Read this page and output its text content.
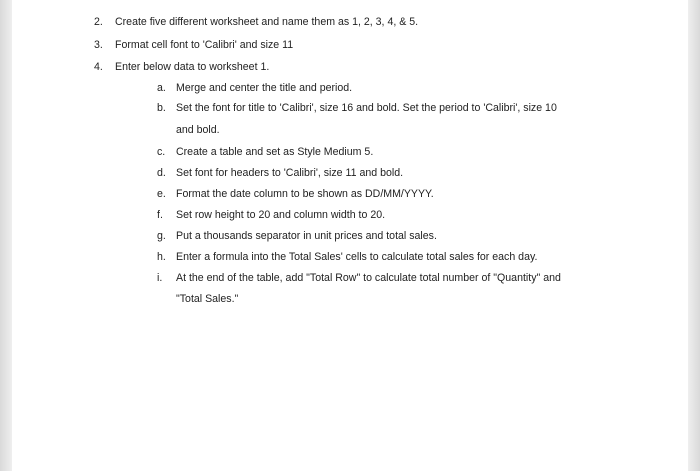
2. Create five different worksheet and name them as 1, 2, 3, 4, & 5.
3. Format cell font to 'Calibri' and size 11
4. Enter below data to worksheet 1.
a. Merge and center the title and period.
b. Set the font for title to 'Calibri', size 16 and bold. Set the period to 'Calibri', size 10
and bold.
c. Create a table and set as Style Medium 5.
d. Set font for headers to 'Calibri', size 11 and bold.
e. Format the date column to be shown as DD/MM/YYYY.
f. Set row height to 20 and column width to 20.
g. Put a thousands separator in unit prices and total sales.
h. Enter a formula into the Total Sales' cells to calculate total sales for each day.
i. At the end of the table, add "Total Row" to calculate total number of "Quantity" and
"Total Sales."
